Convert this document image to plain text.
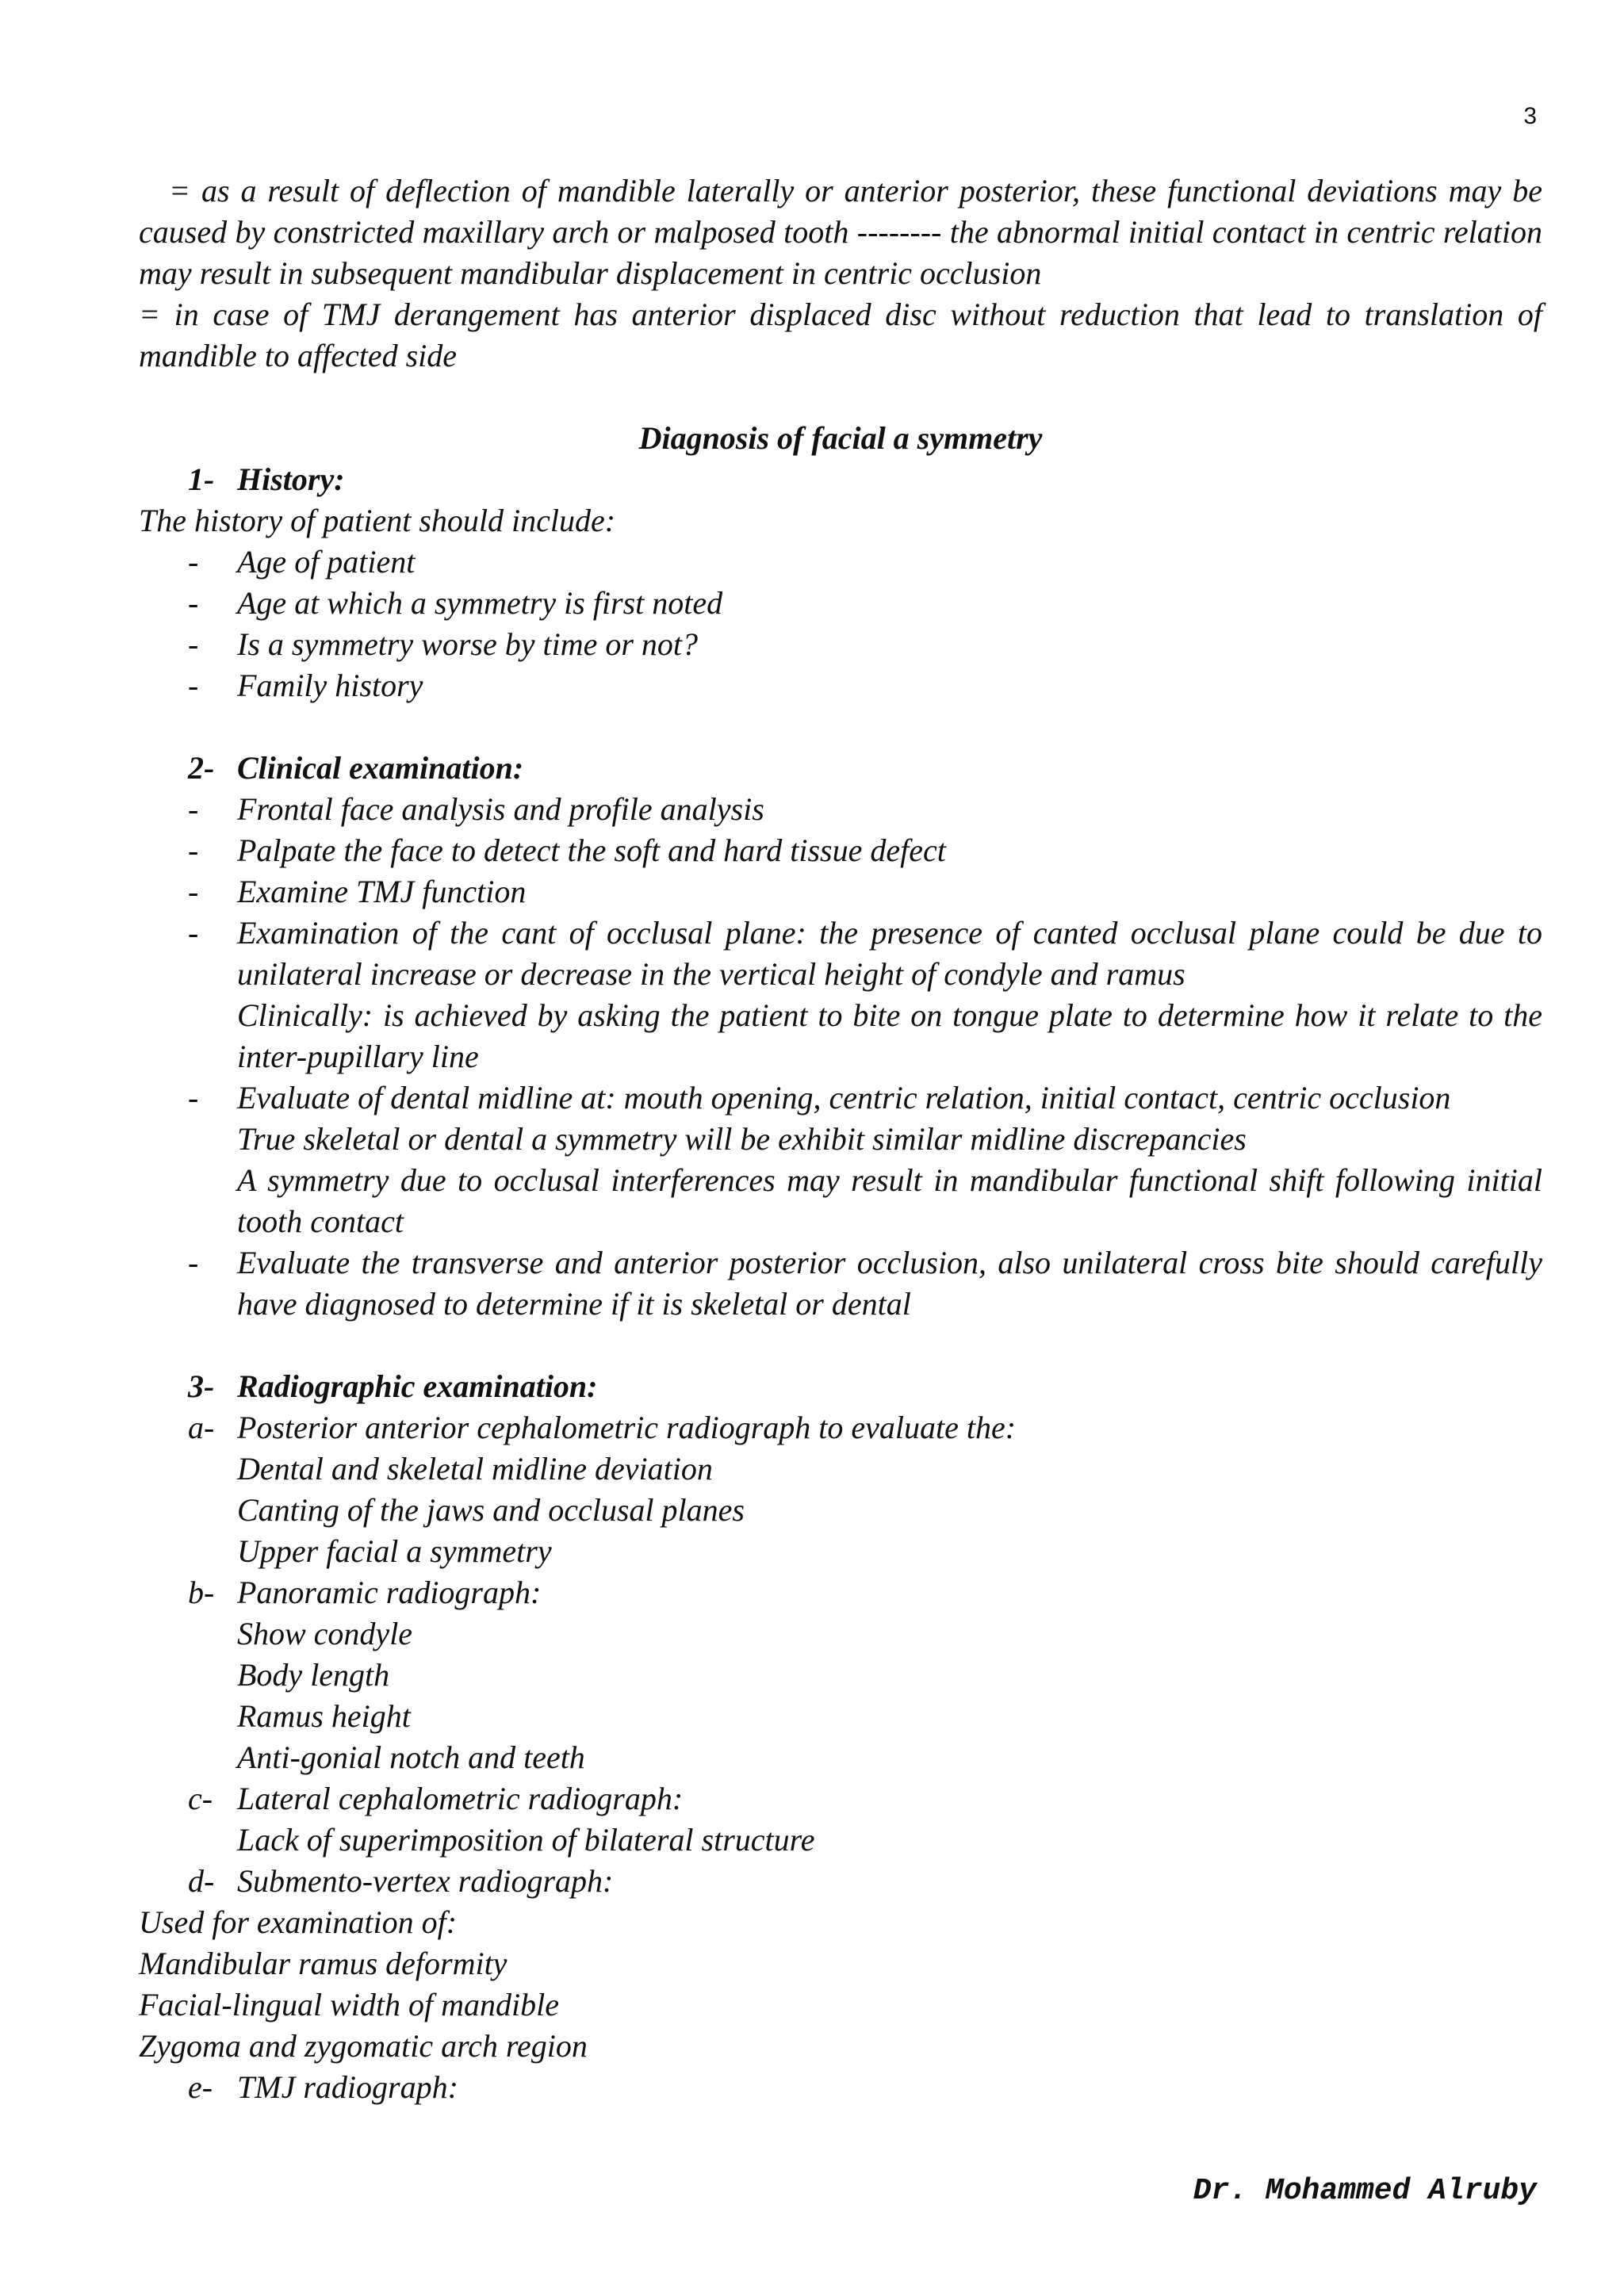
3
= as a result of deflection of mandible laterally or anterior posterior, these functional deviations may be caused by constricted maxillary arch or malposed tooth -------- the abnormal initial contact in centric relation may result in subsequent mandibular displacement in centric occlusion
= in case of TMJ derangement has anterior displaced disc without reduction that lead to translation of mandible to affected side
Diagnosis of facial a symmetry
1- History:
The history of patient should include:
-	Age of patient
-	Age at which a symmetry is first noted
-	Is a symmetry worse by time or not?
-	Family history
2- Clinical examination:
-	Frontal face analysis and profile analysis
-	Palpate the face to detect the soft and hard tissue defect
-	Examine TMJ function
-	Examination of the cant of occlusal plane: the presence of canted occlusal plane could be due to unilateral increase or decrease in the vertical height of condyle and ramus
Clinically: is achieved by asking the patient to bite on tongue plate to determine how it relate to the inter-pupillary line
-	Evaluate of dental midline at: mouth opening, centric relation, initial contact, centric occlusion
True skeletal or dental a symmetry will be exhibit similar midline discrepancies
A symmetry due to occlusal interferences may result in mandibular functional shift following initial tooth contact
-	Evaluate the transverse and anterior posterior occlusion, also unilateral cross bite should carefully have diagnosed to determine if it is skeletal or dental
3- Radiographic examination:
a- Posterior anterior cephalometric radiograph to evaluate the:
Dental and skeletal midline deviation
Canting of the jaws and occlusal planes
Upper facial a symmetry
b- Panoramic radiograph:
Show condyle
Body length
Ramus height
Anti-gonial notch and teeth
c- Lateral cephalometric radiograph:
Lack of superimposition of bilateral structure
d- Submento-vertex radiograph:
Used for examination of:
Mandibular ramus deformity
Facial-lingual width of mandible
Zygoma and zygomatic arch region
e- TMJ radiograph:
Dr. Mohammed Alruby
